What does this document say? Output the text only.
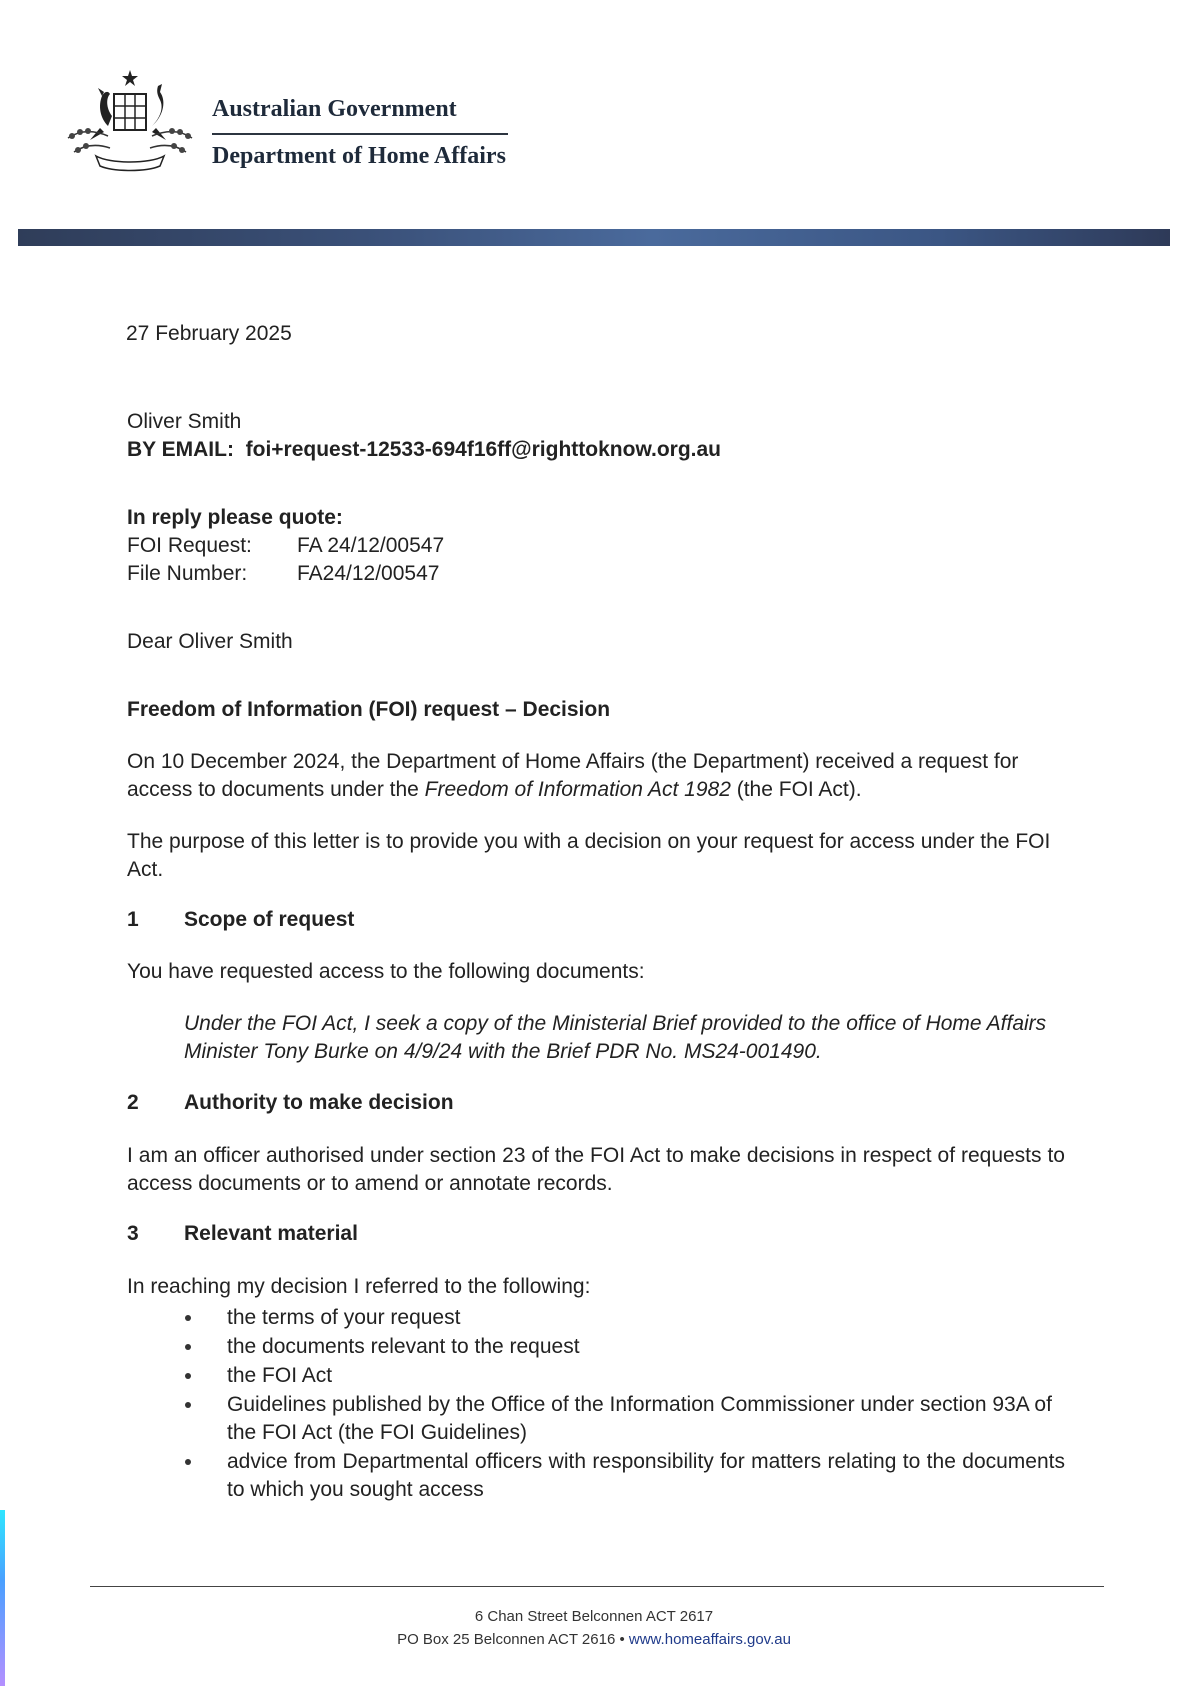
Australian Government
Department of Home Affairs
27 February 2025
Oliver Smith
BY EMAIL: foi+request-12533-694f16ff@righttoknow.org.au
In reply please quote:
FOI Request:	FA 24/12/00547
File Number:	FA24/12/00547
Dear Oliver Smith
Freedom of Information (FOI) request – Decision
On 10 December 2024, the Department of Home Affairs (the Department) received a request for access to documents under the Freedom of Information Act 1982 (the FOI Act).
The purpose of this letter is to provide you with a decision on your request for access under the FOI Act.
1	Scope of request
You have requested access to the following documents:
Under the FOI Act, I seek a copy of the Ministerial Brief provided to the office of Home Affairs Minister Tony Burke on 4/9/24 with the Brief PDR No. MS24-001490.
2	Authority to make decision
I am an officer authorised under section 23 of the FOI Act to make decisions in respect of requests to access documents or to amend or annotate records.
3	Relevant material
In reaching my decision I referred to the following:
the terms of your request
the documents relevant to the request
the FOI Act
Guidelines published by the Office of the Information Commissioner under section 93A of the FOI Act (the FOI Guidelines)
advice from Departmental officers with responsibility for matters relating to the documents to which you sought access
6 Chan Street Belconnen ACT 2617
PO Box 25 Belconnen ACT 2616 • www.homeaffairs.gov.au
